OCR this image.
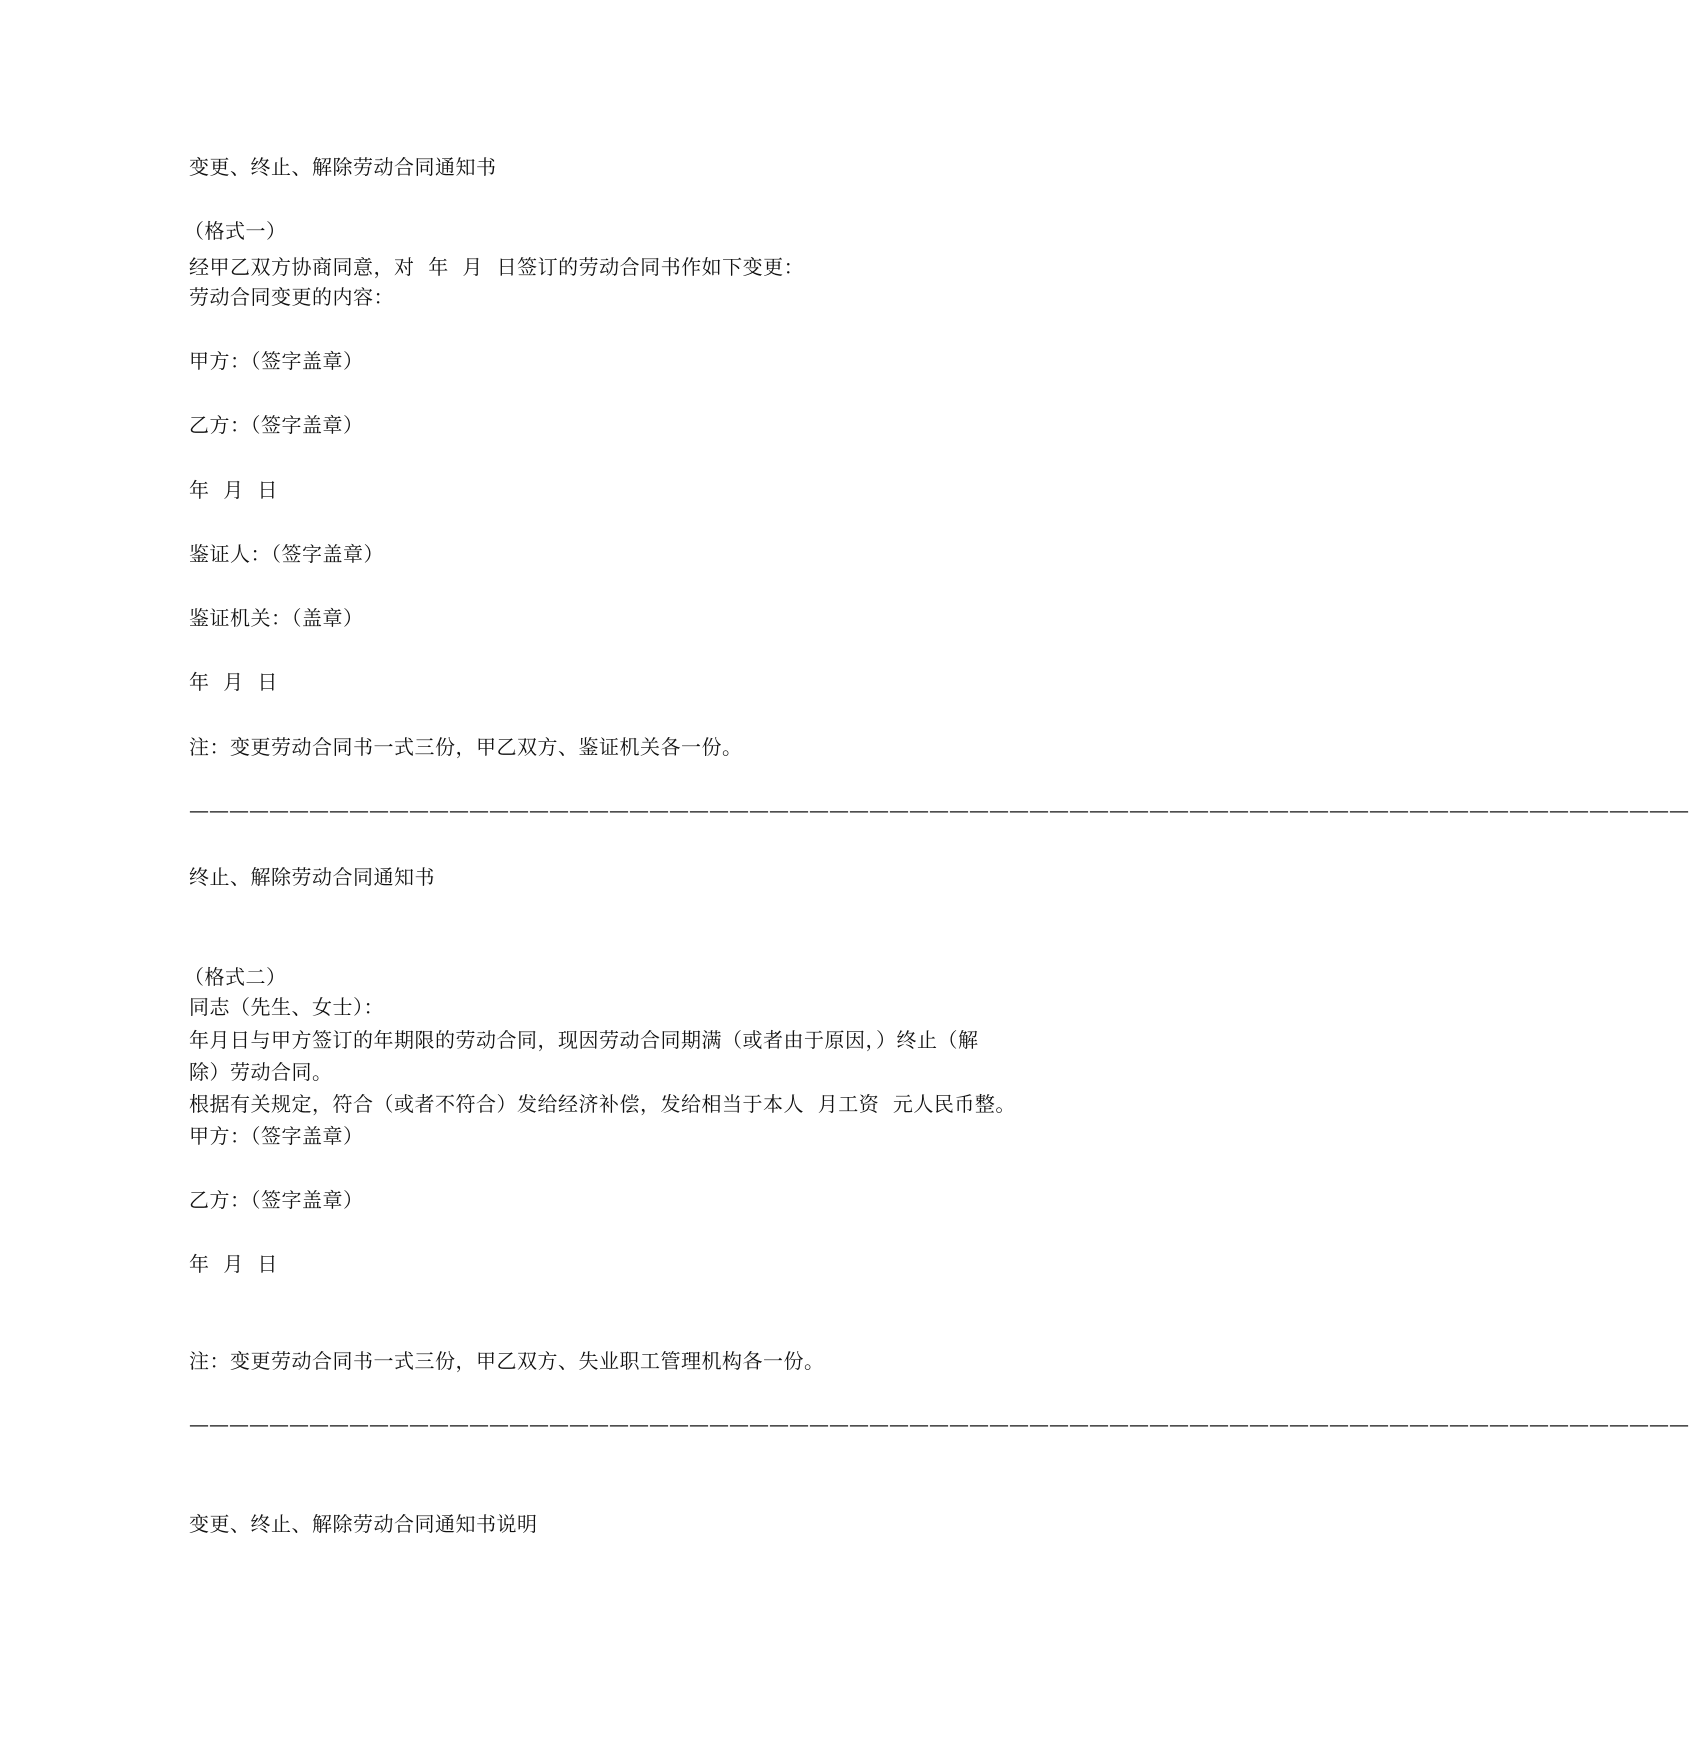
变更、终止、解除劳动合同通知书
（格式一）
经甲乙双方协商同意，对  年  月  日签订的劳动合同书作如下变更：
劳动合同变更的内容：
甲方：（签字盖章）
乙方：（签字盖章）
年  月  日
鉴证人：（签字盖章）
鉴证机关：（盖章）
年  月  日
注：变更劳动合同书一式三份，甲乙双方、鉴证机关各一份。
———————————————————————————————————————————————————————————————————————————
终止、解除劳动合同通知书
（格式二）
同志（先生、女士）：
年月日与甲方签订的年期限的劳动合同，现因劳动合同期满（或者由于原因，）终止（解
除）劳动合同。
根据有关规定，符合（或者不符合）发给经济补偿，发给相当于本人  月工资  元人民币整。
甲方：（签字盖章）
乙方：（签字盖章）
年  月  日
注：变更劳动合同书一式三份，甲乙双方、失业职工管理机构各一份。
———————————————————————————————————————————————————————————————————————————
变更、终止、解除劳动合同通知书说明
